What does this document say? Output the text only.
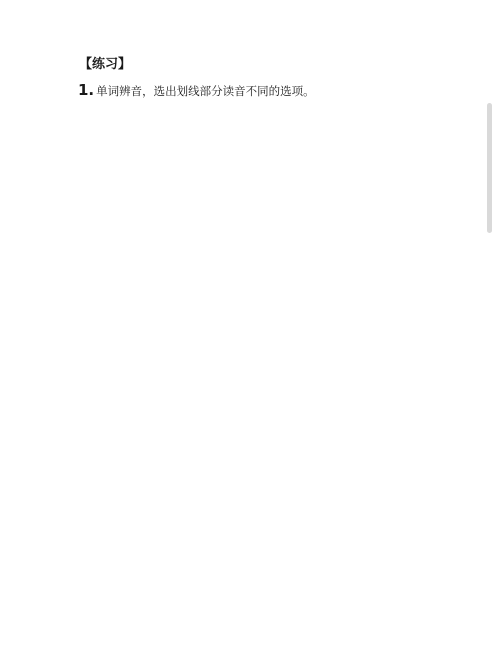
【练习】
1. 单词辨音，选出划线部分读音不同的选项。
